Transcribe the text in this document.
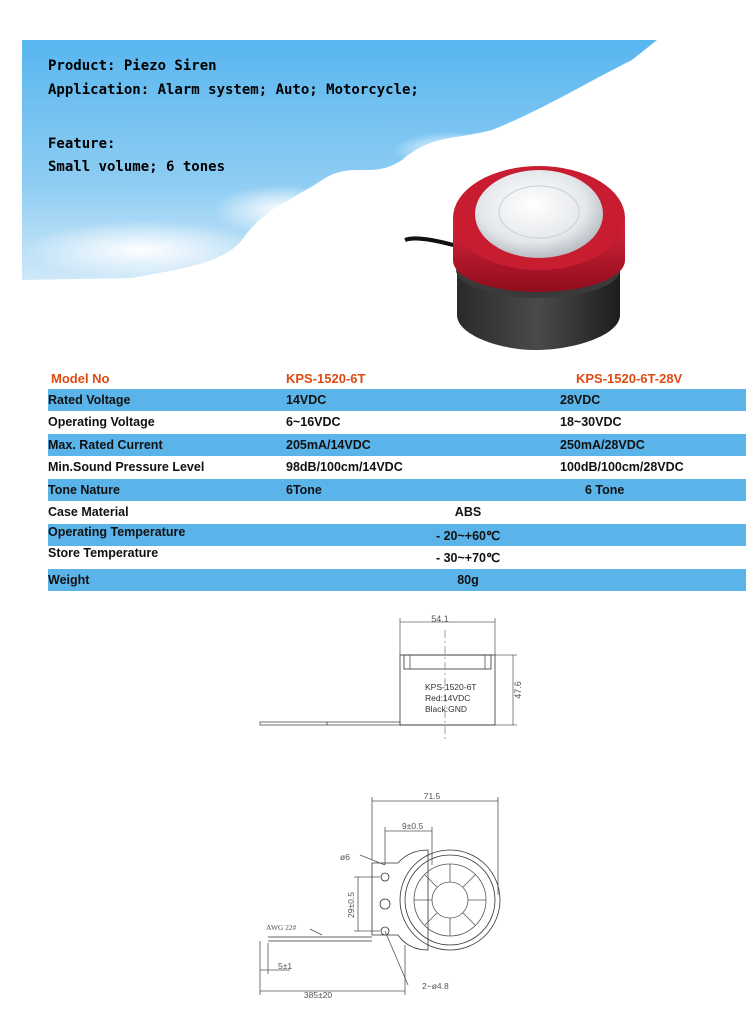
Product: Piezo Siren
Application: Alarm system; Auto; Motorcycle;
Feature:
Small volume; 6 tones
Model No	KPS-1520-6T	KPS-1520-6T-28V
Rated Voltage	14VDC	28VDC
Operating Voltage	6~16VDC	18~30VDC
Max. Rated Current	205mA/14VDC	250mA/28VDC
Min.Sound Pressure Level	98dB/100cm/14VDC	100dB/100cm/28VDC
Tone Nature	6Tone	6 Tone
Case Material	ABS
Operating Temperature	- 20~+60℃
Store Temperature	- 30~+70℃
Weight	80g
54.1
47.6
KPS-1520-6T
Red:14VDC
Black:GND
71.5
9±0.5
ø6
29±0.5
AWG 22#
5±1
385±20
2−ø4.8
